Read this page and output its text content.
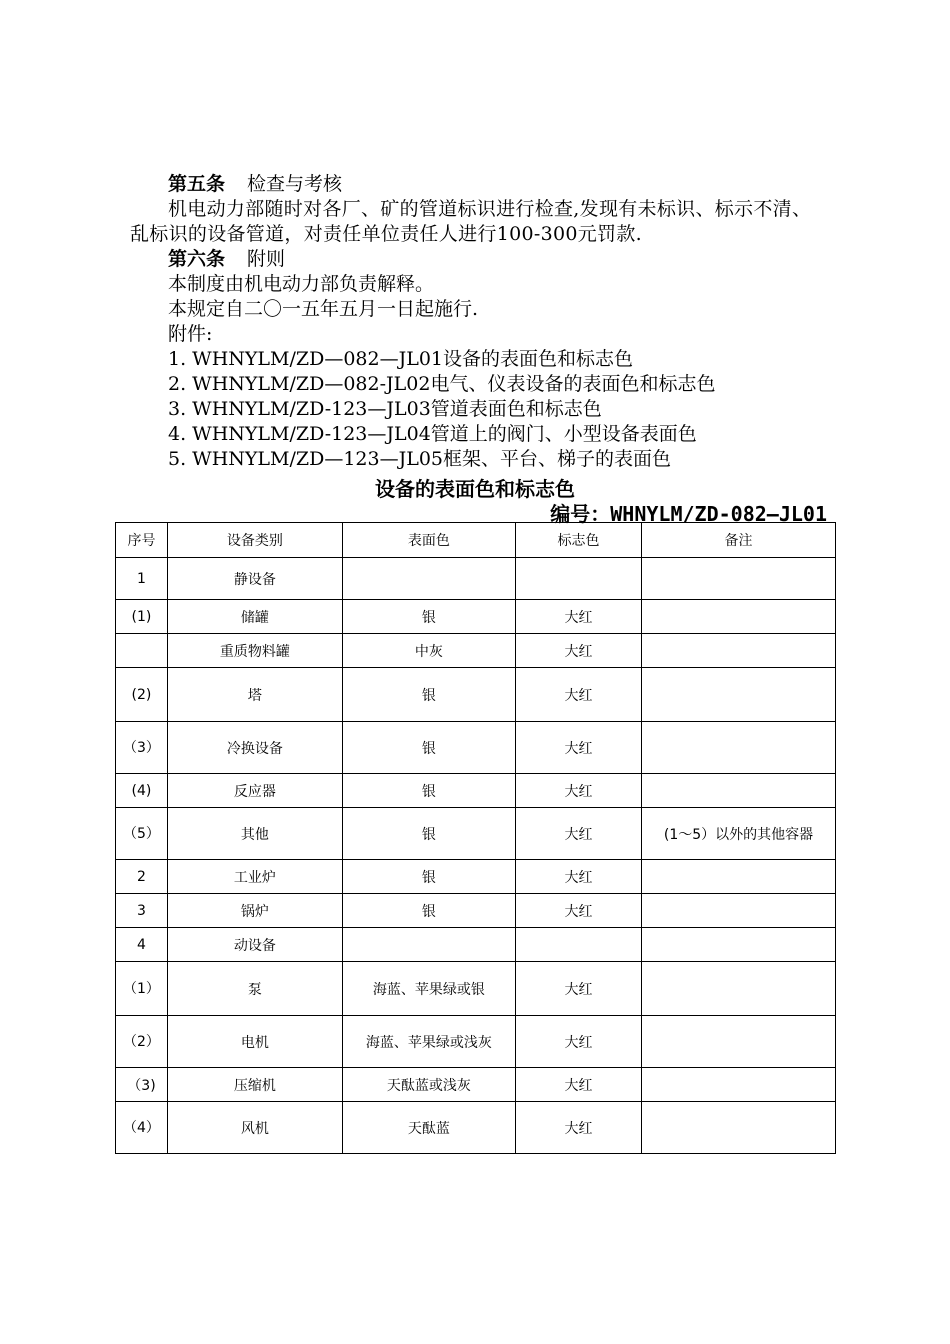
第五条 检查与考核
机电动力部随时对各厂、矿的管道标识进行检查,发现有未标识、标示不清、乱标识的设备管道，对责任单位责任人进行100-300元罚款.
第六条 附则
本制度由机电动力部负责解释。
本规定自二〇一五年五月一日起施行.
附件:
1. WHNYLM/ZD—082—JL01设备的表面色和标志色
2. WHNYLM/ZD—082-JL02电气、仪表设备的表面色和标志色
3. WHNYLM/ZD-123—JL03管道表面色和标志色
4. WHNYLM/ZD-123—JL04管道上的阀门、小型设备表面色
5. WHNYLM/ZD—123—JL05框架、平台、梯子的表面色
设备的表面色和标志色
编号：WHNYLM/ZD-082—JL01
序号	设备类别	表面色	标志色	备注
1	静设备			
(1)	储罐	银	大红	
	重质物料罐	中灰	大红	
(2)	塔	银	大红	
（3）	冷换设备	银	大红	
(4)	反应器	银	大红	
（5）	其他	银	大红	(1～5）以外的其他容器
2	工业炉	银	大红	
3	锅炉	银	大红	
4	动设备			
（1）	泵	海蓝、苹果绿或银	大红	
（2）	电机	海蓝、苹果绿或浅灰	大红	
（3)	压缩机	天酞蓝或浅灰	大红	
（4）	风机	天酞蓝	大红	
